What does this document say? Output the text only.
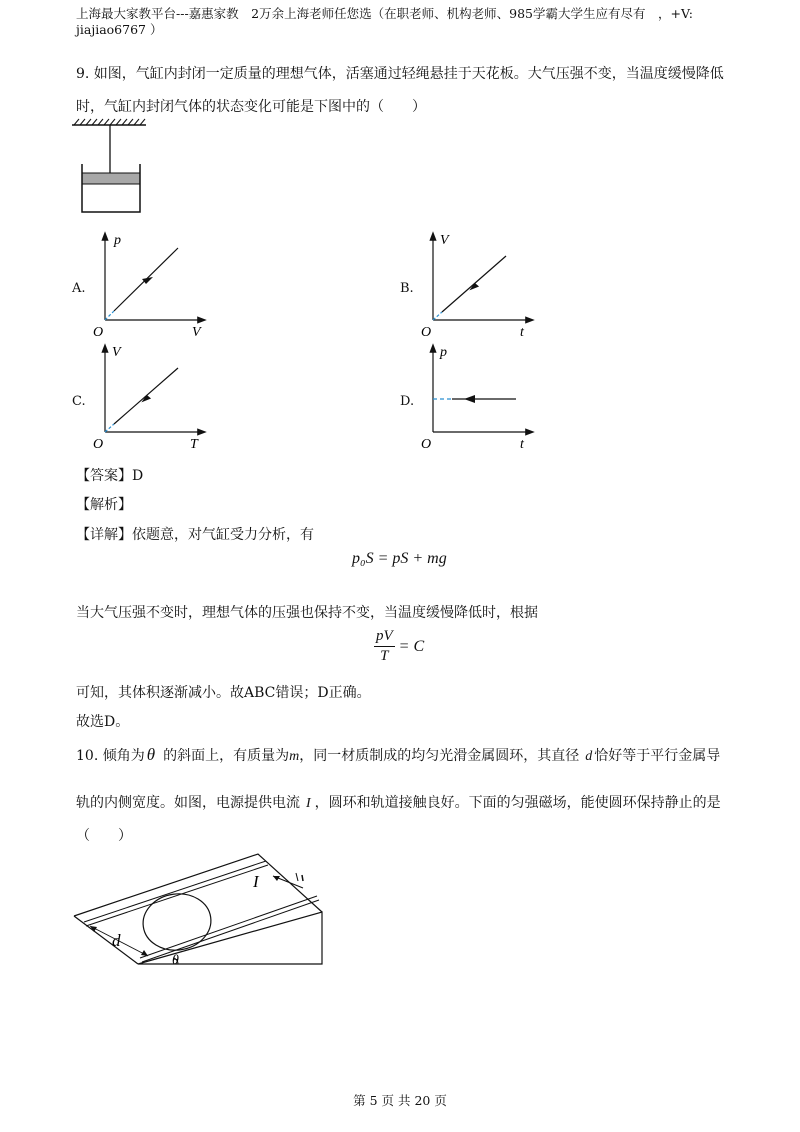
上海最大家教平台---嘉惠家教　2万余上海老师任您选（在职老师、机构老师、985学霸大学生应有尽有　，+V:
jiajiao6767 ）
9. 如图，气缸内封闭一定质量的理想气体，活塞通过轻绳悬挂于天花板。大气压强不变，当温度缓慢降低
时，气缸内封闭气体的状态变化可能是下图中的（　　）
A.
p
V
O
B.
V
t
O
C.
V
T
O
D.
p
t
O
【答案】D
【解析】
【详解】依题意，对气缸受力分析，有
p₀S = pS + mg
当大气压强不变时，理想气体的压强也保持不变，当温度缓慢降低时，根据
$\frac{pV}{T} = C$
可知，其体积逐渐减小。故ABC错误；D正确。
故选D。
10. 倾角为 θ 的斜面上，有质量为m，同一材质制成的均匀光滑金属圆环，其直径 d 恰好等于平行金属导
轨的内侧宽度。如图，电源提供电流 I ，圆环和轨道接触良好。下面的匀强磁场，能使圆环保持静止的是
（　　）
I
d
θ
第 5 页 共 20 页
